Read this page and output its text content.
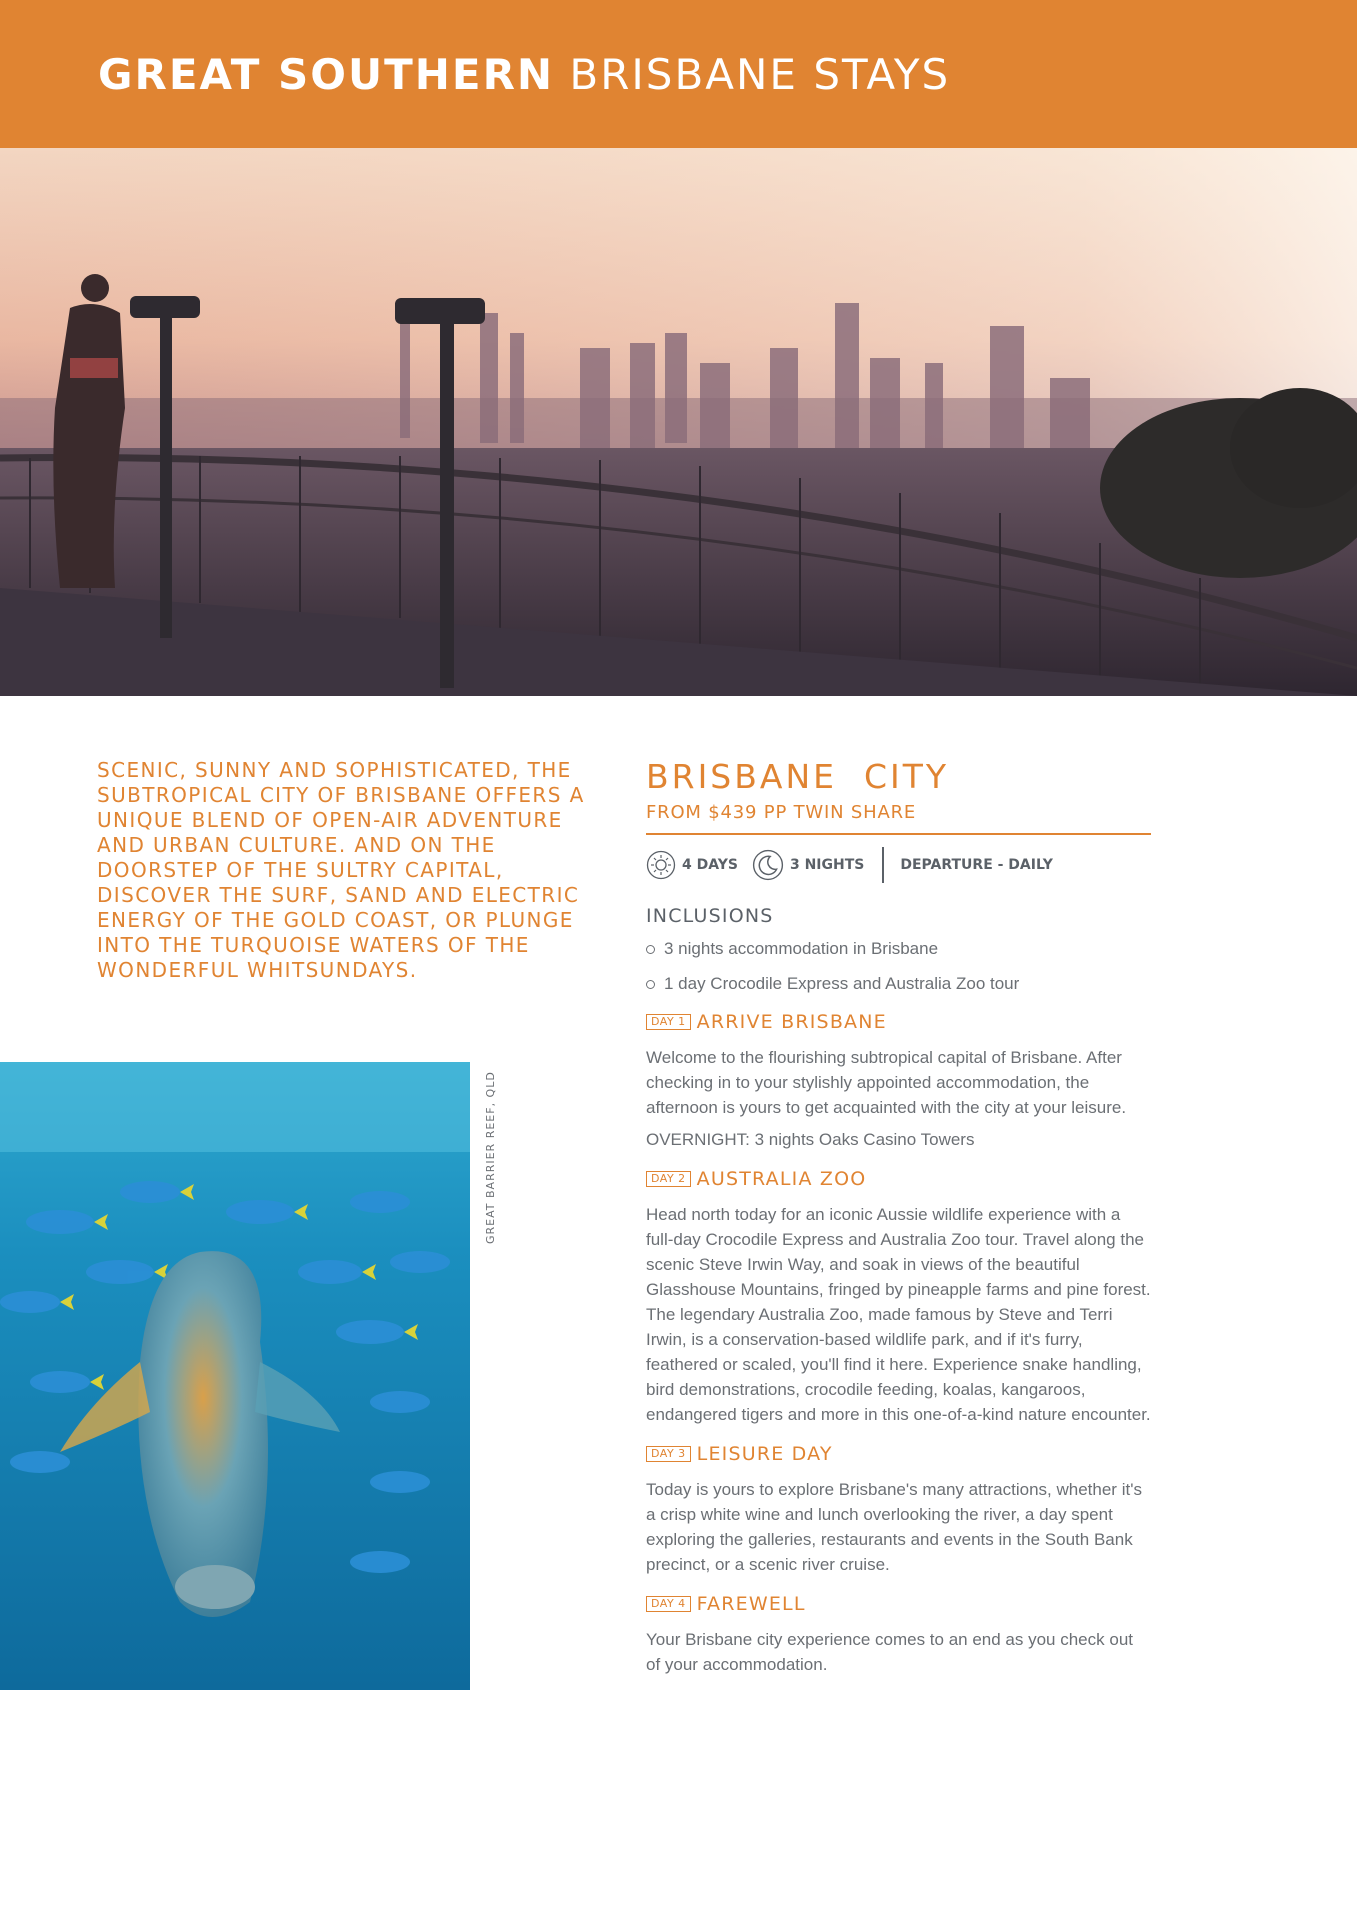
GREAT SOUTHERN BRISBANE STAYS
SCENIC, SUNNY AND SOPHISTICATED, THE SUBTROPICAL CITY OF BRISBANE OFFERS A UNIQUE BLEND OF OPEN-AIR ADVENTURE AND URBAN CULTURE. AND ON THE DOORSTEP OF THE SULTRY CAPITAL, DISCOVER THE SURF, SAND AND ELECTRIC ENERGY OF THE GOLD COAST, OR PLUNGE INTO THE TURQUOISE WATERS OF THE WONDERFUL WHITSUNDAYS.
GREAT BARRIER REEF, QLD
BRISBANE  CITY
FROM $439 PP TWIN SHARE
4 DAYS	3 NIGHTS	DEPARTURE - DAILY
INCLUSIONS
3 nights accommodation in Brisbane
1 day Crocodile Express and Australia Zoo tour
DAY 1 ARRIVE BRISBANE
Welcome to the flourishing subtropical capital of Brisbane. After checking in to your stylishly appointed accommodation, the afternoon is yours to get acquainted with the city at your leisure.
OVERNIGHT: 3 nights Oaks Casino Towers
DAY 2 AUSTRALIA ZOO
Head north today for an iconic Aussie wildlife experience with a full-day Crocodile Express and Australia Zoo tour. Travel along the scenic Steve Irwin Way, and soak in views of the beautiful Glasshouse Mountains, fringed by pineapple farms and pine forest. The legendary Australia Zoo, made famous by Steve and Terri Irwin, is a conservation-based wildlife park, and if it's furry, feathered or scaled, you'll find it here. Experience snake handling, bird demonstrations, crocodile feeding, koalas, kangaroos, endangered tigers and more in this one-of-a-kind nature encounter.
DAY 3 LEISURE DAY
Today is yours to explore Brisbane's many attractions, whether it's a crisp white wine and lunch overlooking the river, a day spent exploring the galleries, restaurants and events in the South Bank precinct, or a scenic river cruise.
DAY 4 FAREWELL
Your Brisbane city experience comes to an end as you check out of your accommodation.
